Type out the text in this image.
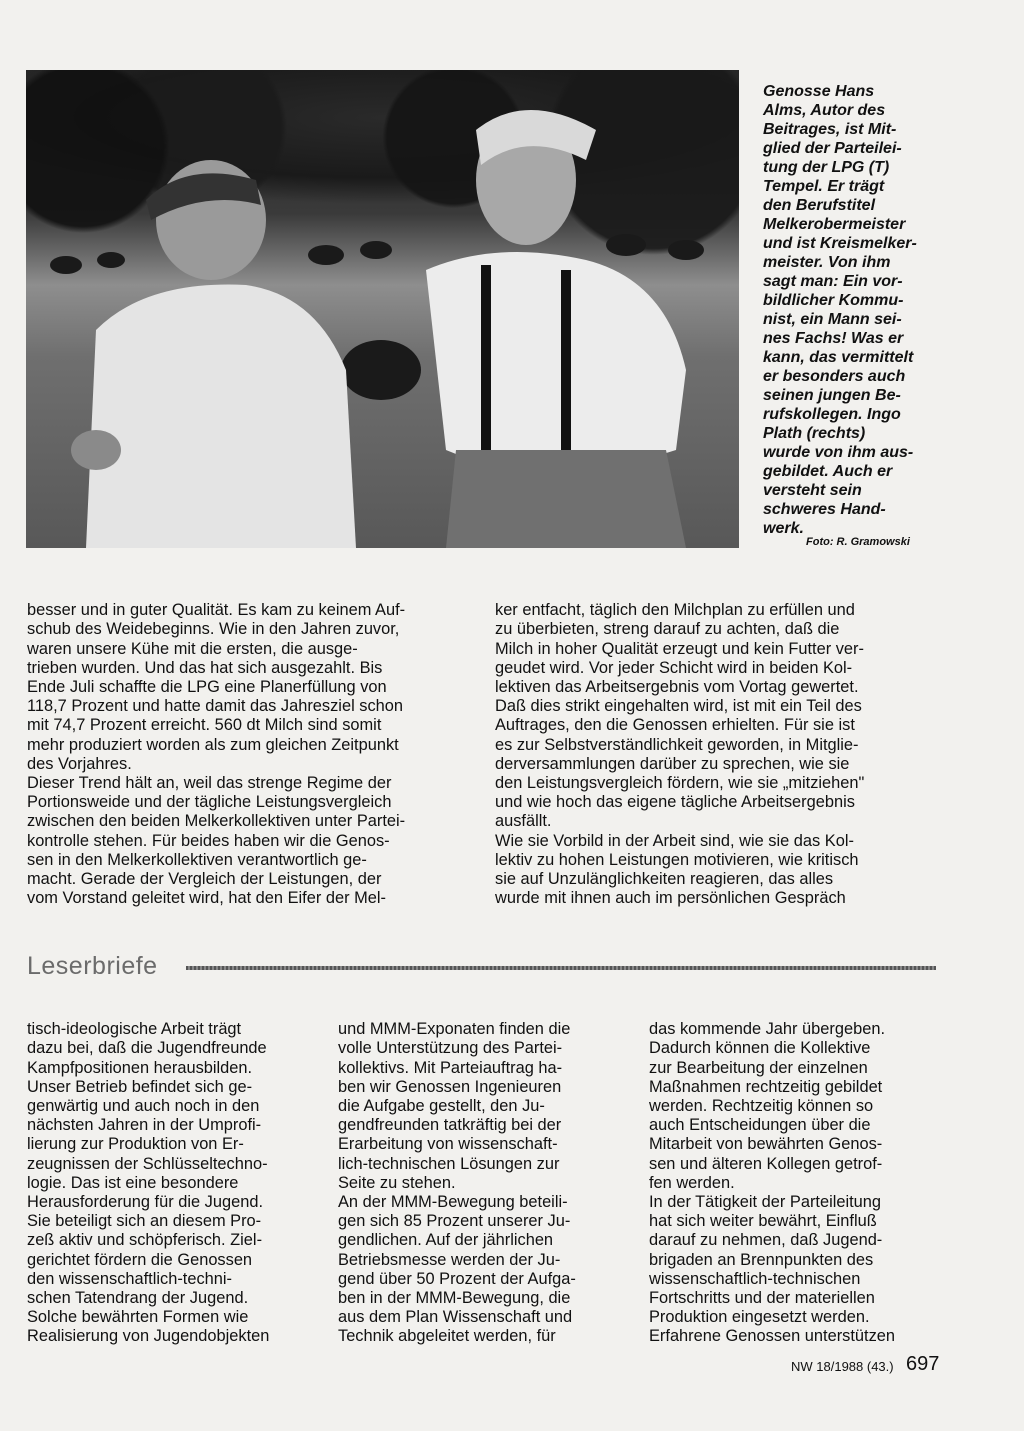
Genosse Hans
Alms, Autor des
Beitrages, ist Mit-
glied der Parteilei-
tung der LPG (T)
Tempel. Er trägt
den Berufstitel
Melkerobermeister
und ist Kreismelker-
meister. Von ihm
sagt man: Ein vor-
bildlicher Kommu-
nist, ein Mann sei-
nes Fachs! Was er
kann, das vermittelt
er besonders auch
seinen jungen Be-
rufskollegen. Ingo
Plath (rechts)
wurde von ihm aus-
gebildet. Auch er
versteht sein
schweres Hand-
werk.

Foto: R. Gramowski

besser und in guter Qualität. Es kam zu keinem Auf-
schub des Weidebeginns. Wie in den Jahren zuvor,
waren unsere Kühe mit die ersten, die ausge-
trieben wurden. Und das hat sich ausgezahlt. Bis
Ende Juli schaffte die LPG eine Planerfüllung von
118,7 Prozent und hatte damit das Jahresziel schon
mit 74,7 Prozent erreicht. 560 dt Milch sind somit
mehr produziert worden als zum gleichen Zeitpunkt
des Vorjahres.
Dieser Trend hält an, weil das strenge Regime der
Portionsweide und der tägliche Leistungsvergleich
zwischen den beiden Melkerkollektiven unter Partei-
kontrolle stehen. Für beides haben wir die Genos-
sen in den Melkerkollektiven verantwortlich ge-
macht. Gerade der Vergleich der Leistungen, der
vom Vorstand geleitet wird, hat den Eifer der Mel-

ker entfacht, täglich den Milchplan zu erfüllen und
zu überbieten, streng darauf zu achten, daß die
Milch in hoher Qualität erzeugt und kein Futter ver-
geudet wird. Vor jeder Schicht wird in beiden Kol-
lektiven das Arbeitsergebnis vom Vortag gewertet.
Daß dies strikt eingehalten wird, ist mit ein Teil des
Auftrages, den die Genossen erhielten. Für sie ist
es zur Selbstverständlichkeit geworden, in Mitglie-
derversammlungen darüber zu sprechen, wie sie
den Leistungsvergleich fördern, wie sie „mitziehen"
und wie hoch das eigene tägliche Arbeitsergebnis
ausfällt.
Wie sie Vorbild in der Arbeit sind, wie sie das Kol-
lektiv zu hohen Leistungen motivieren, wie kritisch
sie auf Unzulänglichkeiten reagieren, das alles
wurde mit ihnen auch im persönlichen Gespräch

Leserbriefe

tisch-ideologische Arbeit trägt
dazu bei, daß die Jugendfreunde
Kampfpositionen herausbilden.
Unser Betrieb befindet sich ge-
genwärtig und auch noch in den
nächsten Jahren in der Umprofi-
lierung zur Produktion von Er-
zeugnissen der Schlüsseltechno-
logie. Das ist eine besondere
Herausforderung für die Jugend.
Sie beteiligt sich an diesem Pro-
zeß aktiv und schöpferisch. Ziel-
gerichtet fördern die Genossen
den wissenschaftlich-techni-
schen Tatendrang der Jugend.
Solche bewährten Formen wie
Realisierung von Jugendobjekten

und MMM-Exponaten finden die
volle Unterstützung des Partei-
kollektivs. Mit Parteiauftrag ha-
ben wir Genossen Ingenieuren
die Aufgabe gestellt, den Ju-
gendfreunden tatkräftig bei der
Erarbeitung von wissenschaft-
lich-technischen Lösungen zur
Seite zu stehen.
An der MMM-Bewegung beteili-
gen sich 85 Prozent unserer Ju-
gendlichen. Auf der jährlichen
Betriebsmesse werden der Ju-
gend über 50 Prozent der Aufga-
ben in der MMM-Bewegung, die
aus dem Plan Wissenschaft und
Technik abgeleitet werden, für

das kommende Jahr übergeben.
Dadurch können die Kollektive
zur Bearbeitung der einzelnen
Maßnahmen rechtzeitig gebildet
werden. Rechtzeitig können so
auch Entscheidungen über die
Mitarbeit von bewährten Genos-
sen und älteren Kollegen getrof-
fen werden.
In der Tätigkeit der Parteileitung
hat sich weiter bewährt, Einfluß
darauf zu nehmen, daß Jugend-
brigaden an Brennpunkten des
wissenschaftlich-technischen
Fortschritts und der materiellen
Produktion eingesetzt werden.
Erfahrene Genossen unterstützen

NW 18/1988 (43.) 697
